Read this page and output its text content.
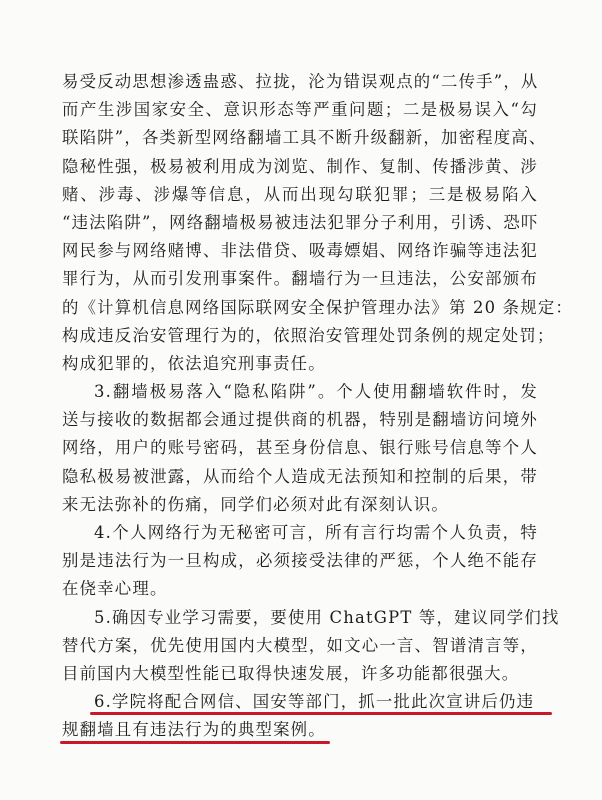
易受反动思想渗透蛊惑、拉拢，沦为错误观点的“二传手”，从
而产生涉国家安全、意识形态等严重问题；二是极易误入“勾
联陷阱”，各类新型网络翻墙工具不断升级翻新，加密程度高、
隐秘性强，极易被利用成为浏览、制作、复制、传播涉黄、涉
赌、涉毒、涉爆等信息，从而出现勾联犯罪；三是极易陷入
“违法陷阱”，网络翻墙极易被违法犯罪分子利用，引诱、恐吓
网民参与网络赌博、非法借贷、吸毒嫖娼、网络诈骗等违法犯
罪行为，从而引发刑事案件。翻墙行为一旦违法，公安部颁布
的《计算机信息网络国际联网安全保护管理办法》第 20 条规定：
构成违反治安管理行为的，依照治安管理处罚条例的规定处罚；
构成犯罪的，依法追究刑事责任。
3.翻墙极易落入“隐私陷阱”。个人使用翻墙软件时，发
送与接收的数据都会通过提供商的机器，特别是翻墙访问境外
网络，用户的账号密码，甚至身份信息、银行账号信息等个人
隐私极易被泄露，从而给个人造成无法预知和控制的后果，带
来无法弥补的伤痛，同学们必须对此有深刻认识。
4.个人网络行为无秘密可言，所有言行均需个人负责，特
别是违法行为一旦构成，必须接受法律的严惩，个人绝不能存
在侥幸心理。
5.确因专业学习需要，要使用 ChatGPT 等，建议同学们找
替代方案，优先使用国内大模型，如文心一言、智谱清言等，
目前国内大模型性能已取得快速发展，许多功能都很强大。
6.学院将配合网信、国安等部门，抓一批此次宣讲后仍违
规翻墙且有违法行为的典型案例。
